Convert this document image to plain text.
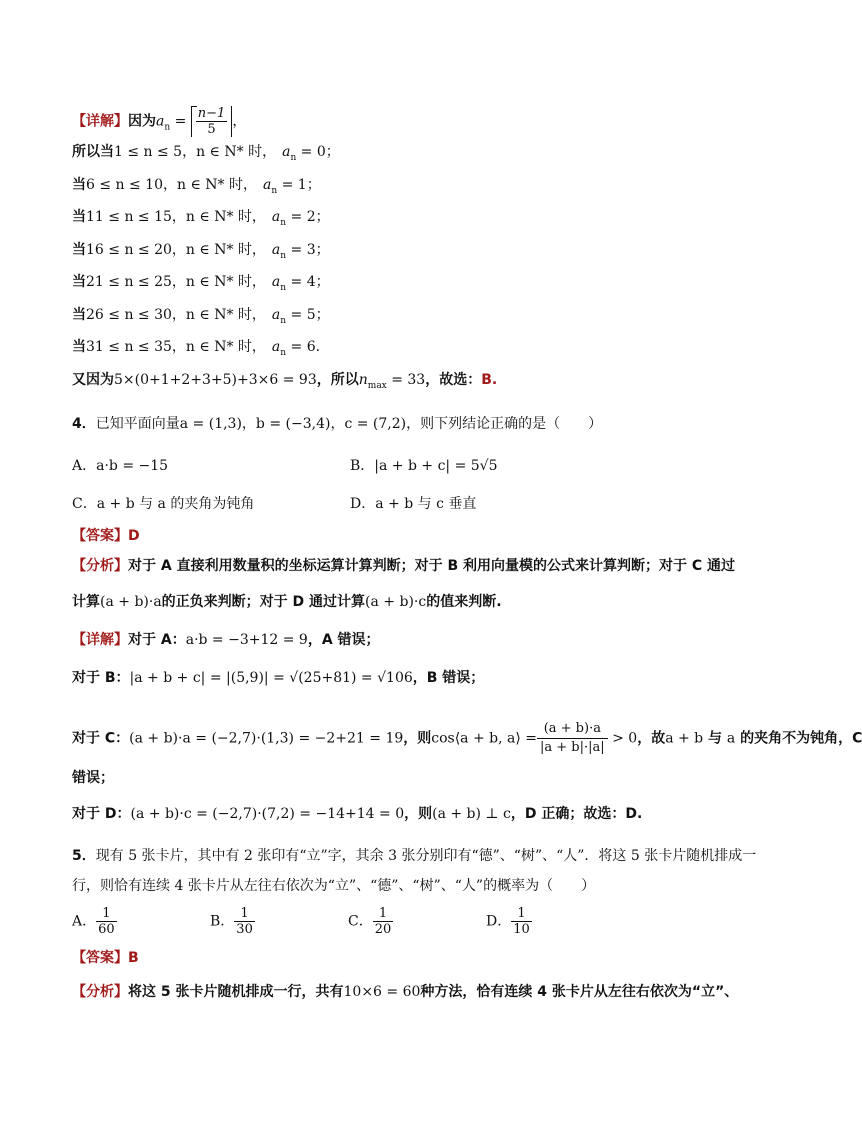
【详解】因为$a_n = \frac{n-1}{5}$ ，
所以当1 ≤ n ≤ 5，n ∈ N* 时， $a_n = 0$；
当6 ≤ n ≤ 10，n ∈ N* 时， $a_n = 1$；
当11 ≤ n ≤ 15，n ∈ N* 时， $a_n = 2$；
当16 ≤ n ≤ 20，n ∈ N* 时， $a_n = 3$；
当21 ≤ n ≤ 25，n ∈ N* 时， $a_n = 4$；
当26 ≤ n ≤ 30，n ∈ N* 时， $a_n = 5$；
当31 ≤ n ≤ 35，n ∈ N* 时， $a_n = 6$.
又因为5×(0+1+2+3+5)+3×6 = 93，所以$n_{max} = 33$，故选：B.
4．已知平面向量a = (1,3)，b = (−3,4)，c = (7,2)，则下列结论正确的是（　　）
A．a·b = −15	B．|a + b + c| = 5√5
C．a + b 与 a 的夹角为钝角	D．a + b 与 c 垂直
【答案】D
【分析】对于 A 直接利用数量积的坐标运算计算判断；对于 B 利用向量模的公式来计算判断；对于 C 通过
计算(a + b)·a的正负来判断；对于 D 通过计算(a + b)·c的值来判断.
【详解】对于 A：a·b = −3+12 = 9，A 错误；
对于 B：|a + b + c| = |(5,9)| = √(25+81) = √106，B 错误；
对于 C：(a + b)·a = (−2,7)·(1,3) = −2+21 = 19，则cos⟨a + b, a⟩ = $\frac{(a + b)\cdot a}{|a + b|\cdot|a|} > 0$，故a + b 与 a 的夹角不为钝角，C
错误；
对于 D：(a + b)·c = (−2,7)·(7,2) = −14+14 = 0，则(a + b) ⊥ c，D 正确；故选：D.
5．现有 5 张卡片，其中有 2 张印有“立”字，其余 3 张分别印有“德”、“树”、“人”．将这 5 张卡片随机排成一
行，则恰有连续 4 张卡片从左往右依次为“立”、“德”、“树”、“人”的概率为（　　）
A． $\frac{1}{60}$	B． $\frac{1}{30}$	C． $\frac{1}{20}$	D． $\frac{1}{10}$
【答案】B
【分析】将这 5 张卡片随机排成一行，共有10×6 = 60种方法，恰有连续 4 张卡片从左往右依次为“立”、
